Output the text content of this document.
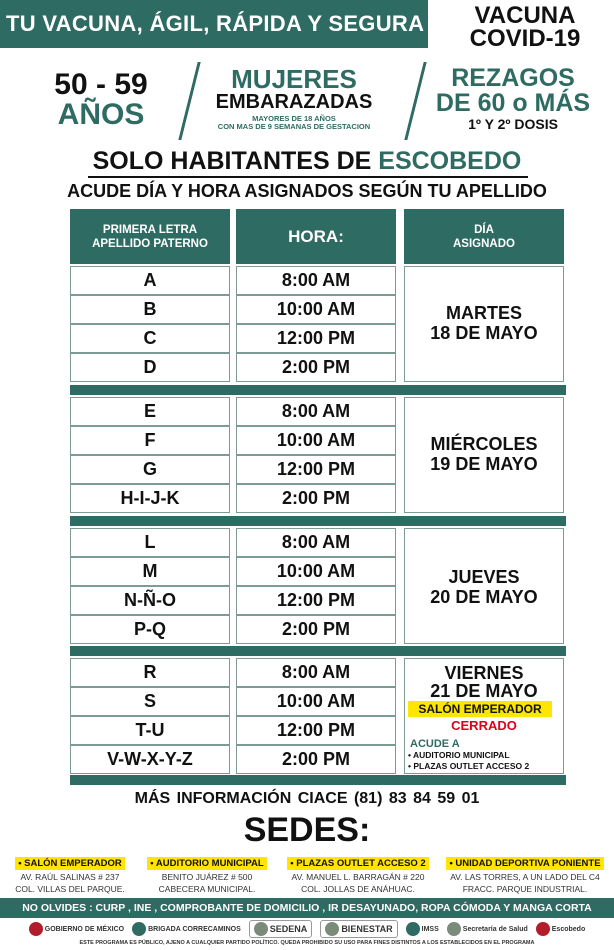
TU VACUNA, ÁGIL, RÁPIDA Y SEGURA	VACUNA
COVID-19
50 - 59
AÑOS
MUJERES
EMBARAZADAS
MAYORES DE 18 AÑOS
CON MAS DE 9 SEMANAS DE GESTACION
REZAGOS
DE 60 o MÁS
1º Y 2º DOSIS
SOLO HABITANTES DE ESCOBEDO
ACUDE DÍA Y HORA ASIGNADOS SEGÚN TU APELLIDO
PRIMERA LETRA
APELLIDO PATERNO	HORA:	DÍA
ASIGNADO
A	8:00 AM
B	10:00 AM
C	12:00 PM
D	2:00 PM
MARTES
18 DE MAYO
E	8:00 AM
F	10:00 AM
G	12:00 PM
H-I-J-K	2:00 PM
MIÉRCOLES
19 DE MAYO
L	8:00 AM
M	10:00 AM
N-Ñ-O	12:00 PM
P-Q	2:00 PM
JUEVES
20 DE MAYO
R	8:00 AM
S	10:00 AM
T-U	12:00 PM
V-W-X-Y-Z	2:00 PM
VIERNES
21 DE MAYO
SALÓN EMPERADOR
CERRADO
ACUDE A
• AUDITORIO MUNICIPAL
• PLAZAS OUTLET ACCESO 2
MÁS INFORMACIÓN CIACE (81) 83 84 59 01
SEDES:
• SALÓN EMPERADOR
AV. RAÚL SALINAS # 237
COL. VILLAS DEL PARQUE.
• AUDITORIO MUNICIPAL
BENITO JUÁREZ # 500
CABECERA MUNICIPAL.
• PLAZAS OUTLET ACCESO 2
AV. MANUEL L. BARRAGÁN # 220
COL. JOLLAS DE ANÁHUAC.
• UNIDAD DEPORTIVA PONIENTE
AV. LAS TORRES, A UN LADO DEL C4
FRACC. PARQUE INDUSTRIAL.
NO OLVIDES : CURP , INE , COMPROBANTE DE DOMICILIO , IR DESAYUNADO, ROPA CÓMODA Y MANGA CORTA
GOBIERNO DE MÉXICO	BRIGADA CORRECAMINOS	SEDENA	BIENESTAR	IMSS	Secretaría de Salud	Escobedo
ESTE PROGRAMA ES PÚBLICO, AJENO A CUALQUIER PARTIDO POLÍTICO. QUEDA PROHIBIDO SU USO PARA FINES DISTINTOS A LOS ESTABLECIDOS EN EL PROGRAMA
